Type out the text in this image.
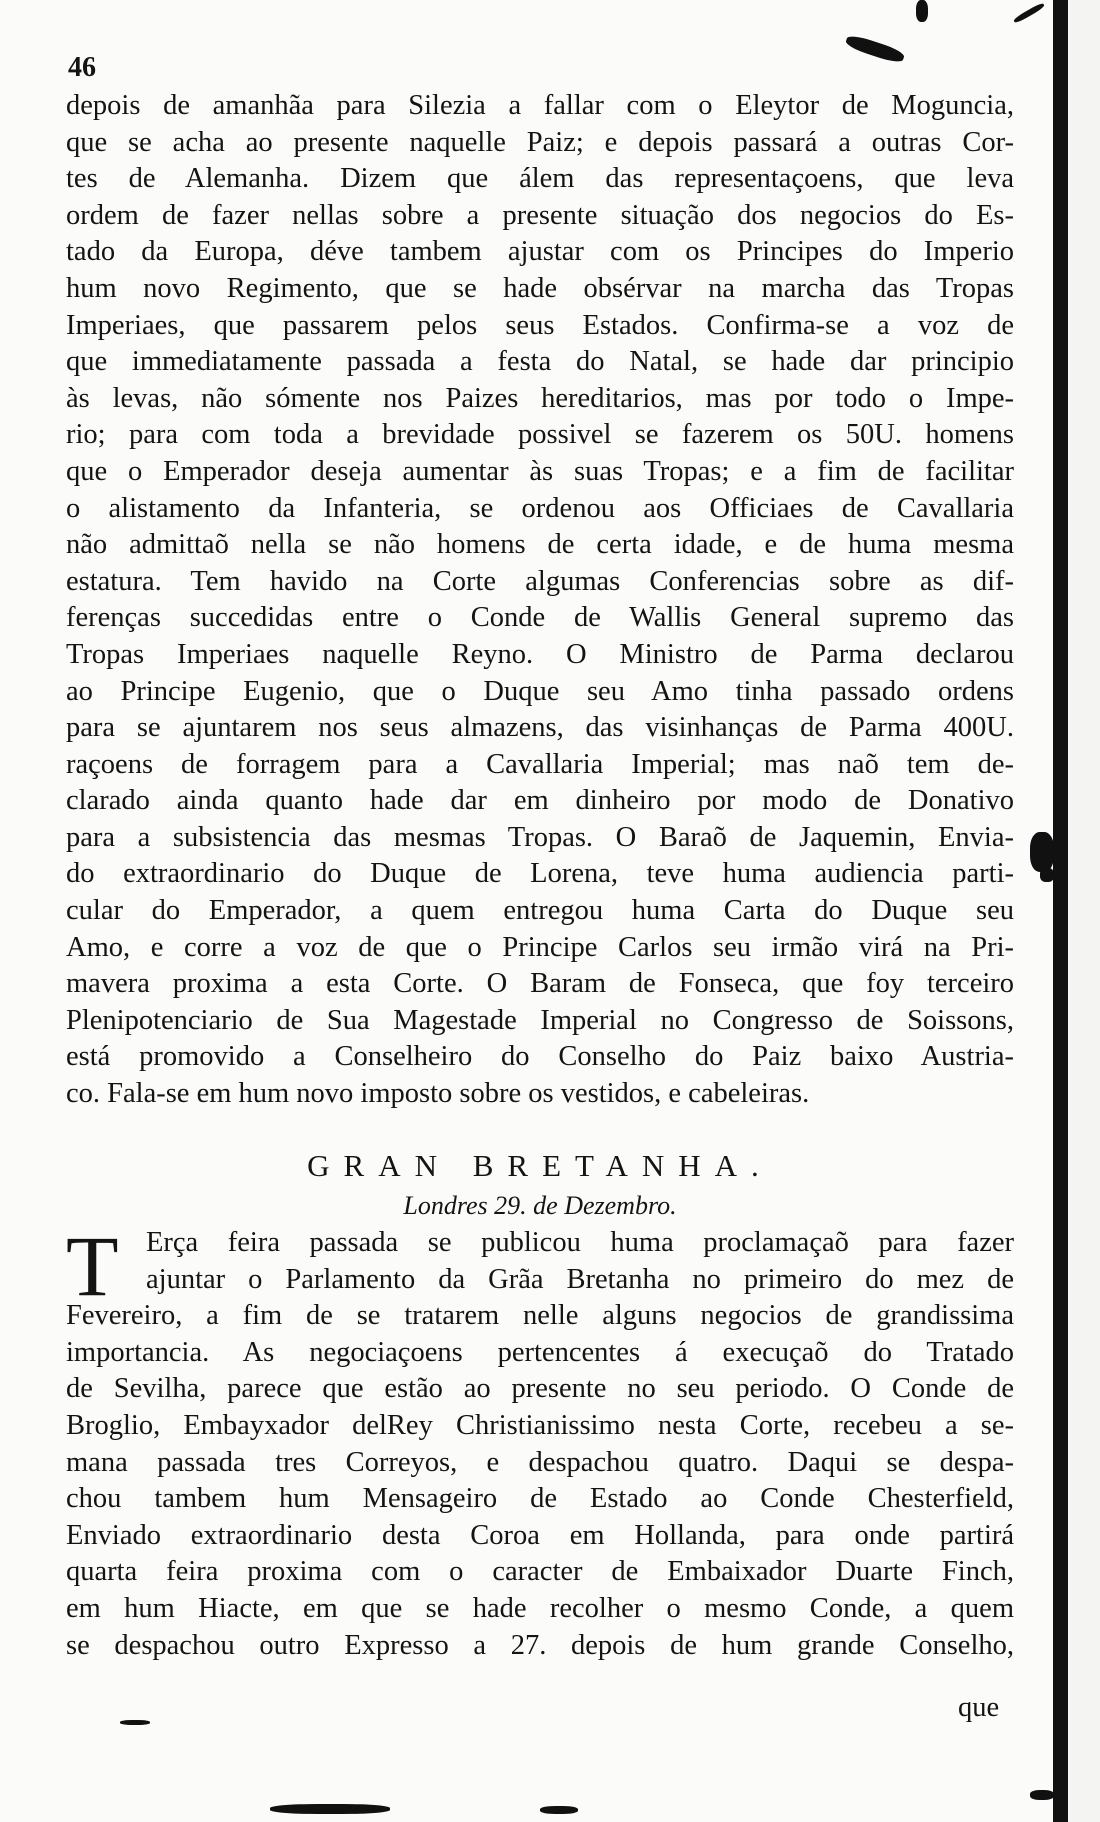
46
depois de amanhãa para Silezia a fallar com o Eleytor de Moguncia,
que se acha ao presente naquelle Paiz; e depois passará a outras Cor-
tes de Alemanha. Dizem que álem das representaçoens, que leva
ordem de fazer nellas sobre a presente situação dos negocios do Es-
tado da Europa, déve tambem ajustar com os Principes do Imperio
hum novo Regimento, que se hade obsérvar na marcha das Tropas
Imperiaes, que passarem pelos seus Estados. Confirma-se a voz de
que immediatamente passada a festa do Natal, se hade dar principio
às levas, não sómente nos Paizes hereditarios, mas por todo o Impe-
rio; para com toda a brevidade possivel se fazerem os 50U. homens
que o Emperador deseja aumentar às suas Tropas; e a fim de facilitar
o alistamento da Infanteria, se ordenou aos Officiaes de Cavallaria
não admittaõ nella se não homens de certa idade, e de huma mesma
estatura. Tem havido na Corte algumas Conferencias sobre as dif-
ferenças succedidas entre o Conde de Wallis General supremo das
Tropas Imperiaes naquelle Reyno. O Ministro de Parma declarou
ao Principe Eugenio, que o Duque seu Amo tinha passado ordens
para se ajuntarem nos seus almazens, das visinhanças de Parma 400U.
raçoens de forragem para a Cavallaria Imperial; mas naõ tem de-
clarado ainda quanto hade dar em dinheiro por modo de Donativo
para a subsistencia das mesmas Tropas. O Baraõ de Jaquemin, Envia-
do extraordinario do Duque de Lorena, teve huma audiencia parti-
cular do Emperador, a quem entregou huma Carta do Duque seu
Amo, e corre a voz de que o Principe Carlos seu irmão virá na Pri-
mavera proxima a esta Corte. O Baram de Fonseca, que foy terceiro
Plenipotenciario de Sua Magestade Imperial no Congresso de Soissons,
está promovido a Conselheiro do Conselho do Paiz baixo Austria-
co. Fala-se em hum novo imposto sobre os vestidos, e cabeleiras.
GRAN BRETANHA.
Londres 29. de Dezembro.
T Erça feira passada se publicou huma proclamaçaõ para fazer
ajuntar o Parlamento da Grãa Bretanha no primeiro do mez de
Fevereiro, a fim de se tratarem nelle alguns negocios de grandissima
importancia. As negociaçoens pertencentes á execuçaõ do Tratado
de Sevilha, parece que estão ao presente no seu periodo. O Conde de
Broglio, Embayxador delRey Christianissimo nesta Corte, recebeu a se-
mana passada tres Correyos, e despachou quatro. Daqui se despa-
chou tambem hum Mensageiro de Estado ao Conde Chesterfield,
Enviado extraordinario desta Coroa em Hollanda, para onde partirá
quarta feira proxima com o caracter de Embaixador Duarte Finch,
em hum Hiacte, em que se hade recolher o mesmo Conde, a quem
se despachou outro Expresso a 27. depois de hum grande Conselho,
que
